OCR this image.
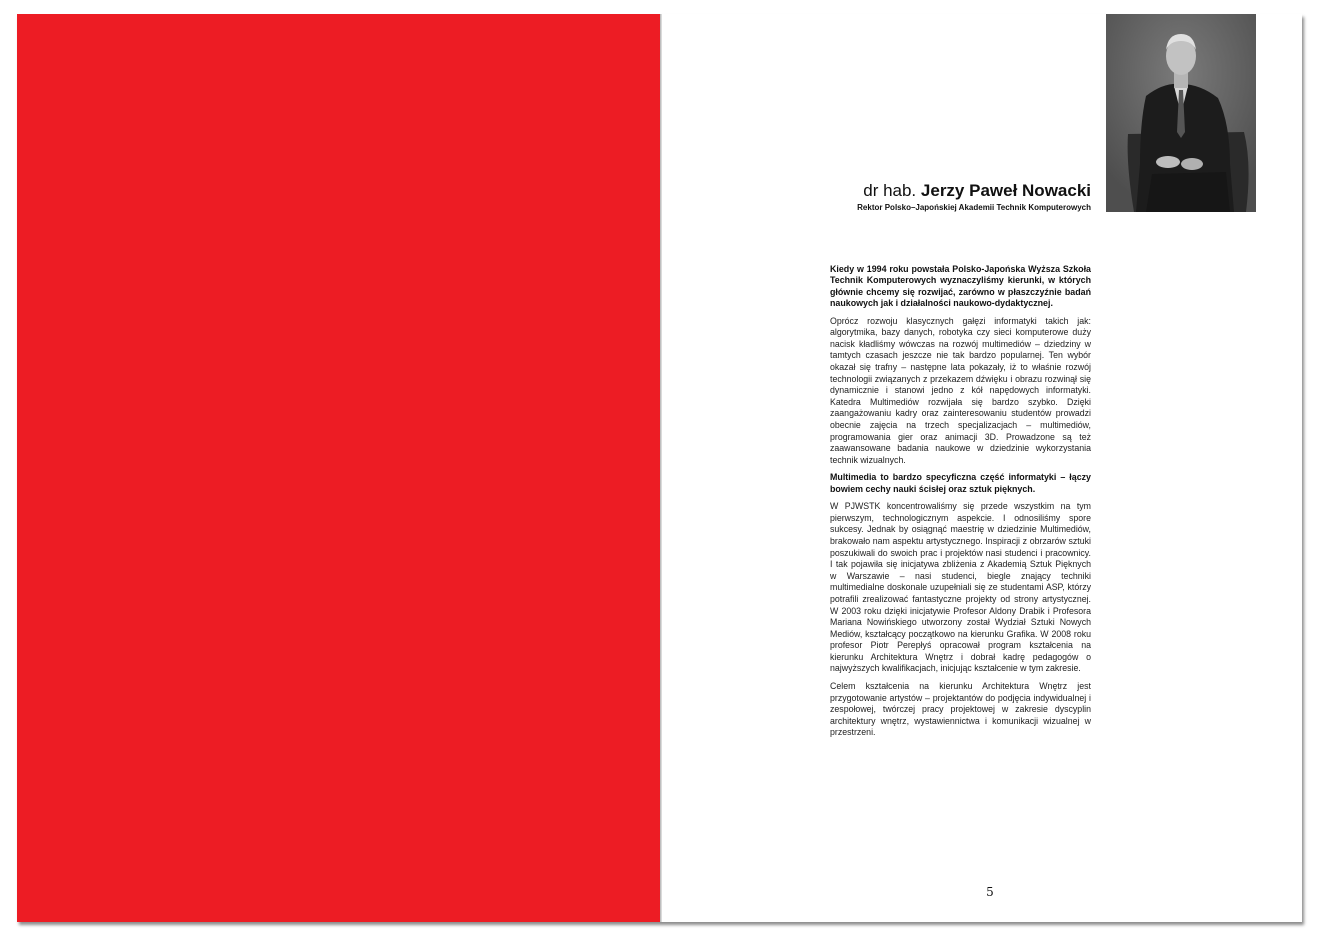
dr hab. Jerzy Paweł Nowacki
Rektor Polsko–Japońskiej Akademii Technik Komputerowych

Kiedy w 1994 roku powstała Polsko-Japońska Wyższa Szkoła Technik Komputerowych wyznaczyliśmy kierunki, w których głównie chcemy się rozwijać, zarówno w płaszczyźnie badań naukowych jak i działalności naukowo-dydaktycznej.

Oprócz rozwoju klasycznych gałęzi informatyki takich jak: algorytmika, bazy danych, robotyka czy sieci komputerowe duży nacisk kładliśmy wówczas na rozwój multimediów – dziedziny w tamtych czasach jeszcze nie tak bardzo popularnej. Ten wybór okazał się trafny – następne lata pokazały, iż to właśnie rozwój technologii związanych z przekazem dźwięku i obrazu rozwinął się dynamicznie i stanowi jedno z kół napędowych informatyki. Katedra Multimediów rozwijała się bardzo szybko. Dzięki zaangażowaniu kadry oraz zainteresowaniu studentów prowadzi obecnie zajęcia na trzech specjalizacjach – multimediów, programowania gier oraz animacji 3D. Prowadzone są też zaawansowane badania naukowe w dziedzinie wykorzystania technik wizualnych.

Multimedia to bardzo specyficzna część informatyki – łączy bowiem cechy nauki ścisłej oraz sztuk pięknych.

W PJWSTK koncentrowaliśmy się przede wszystkim na tym pierwszym, technologicznym aspekcie. I odnosiliśmy spore sukcesy. Jednak by osiągnąć maestrię w dziedzinie Multimediów, brakowało nam aspektu artystycznego. Inspiracji z obrzarów sztuki poszukiwali do swoich prac i projektów nasi studenci i pracownicy. I tak pojawiła się inicjatywa zbliżenia z Akademią Sztuk Pięknych w Warszawie – nasi studenci, biegle znający techniki multimedialne doskonale uzupełniali się ze studentami ASP, którzy potrafili zrealizować fantastyczne projekty od strony artystycznej. W 2003 roku dzięki inicjatywie Profesor Aldony Drabik i Profesora Mariana Nowińskiego utworzony został Wydział Sztuki Nowych Mediów, kształcący początkowo na kierunku Grafika. W 2008 roku profesor Piotr Perepłyś opracował program kształcenia na kierunku Architektura Wnętrz i dobrał kadrę pedagogów o najwyższych kwalifikacjach, inicjując kształcenie w tym zakresie.

Celem kształcenia na kierunku Architektura Wnętrz jest przygotowanie artystów – projektantów do podjęcia indywidualnej i zespołowej, twórczej pracy projektowej w zakresie dyscyplin architektury wnętrz, wystawiennictwa i komunikacji wizualnej w przestrzeni.

5
